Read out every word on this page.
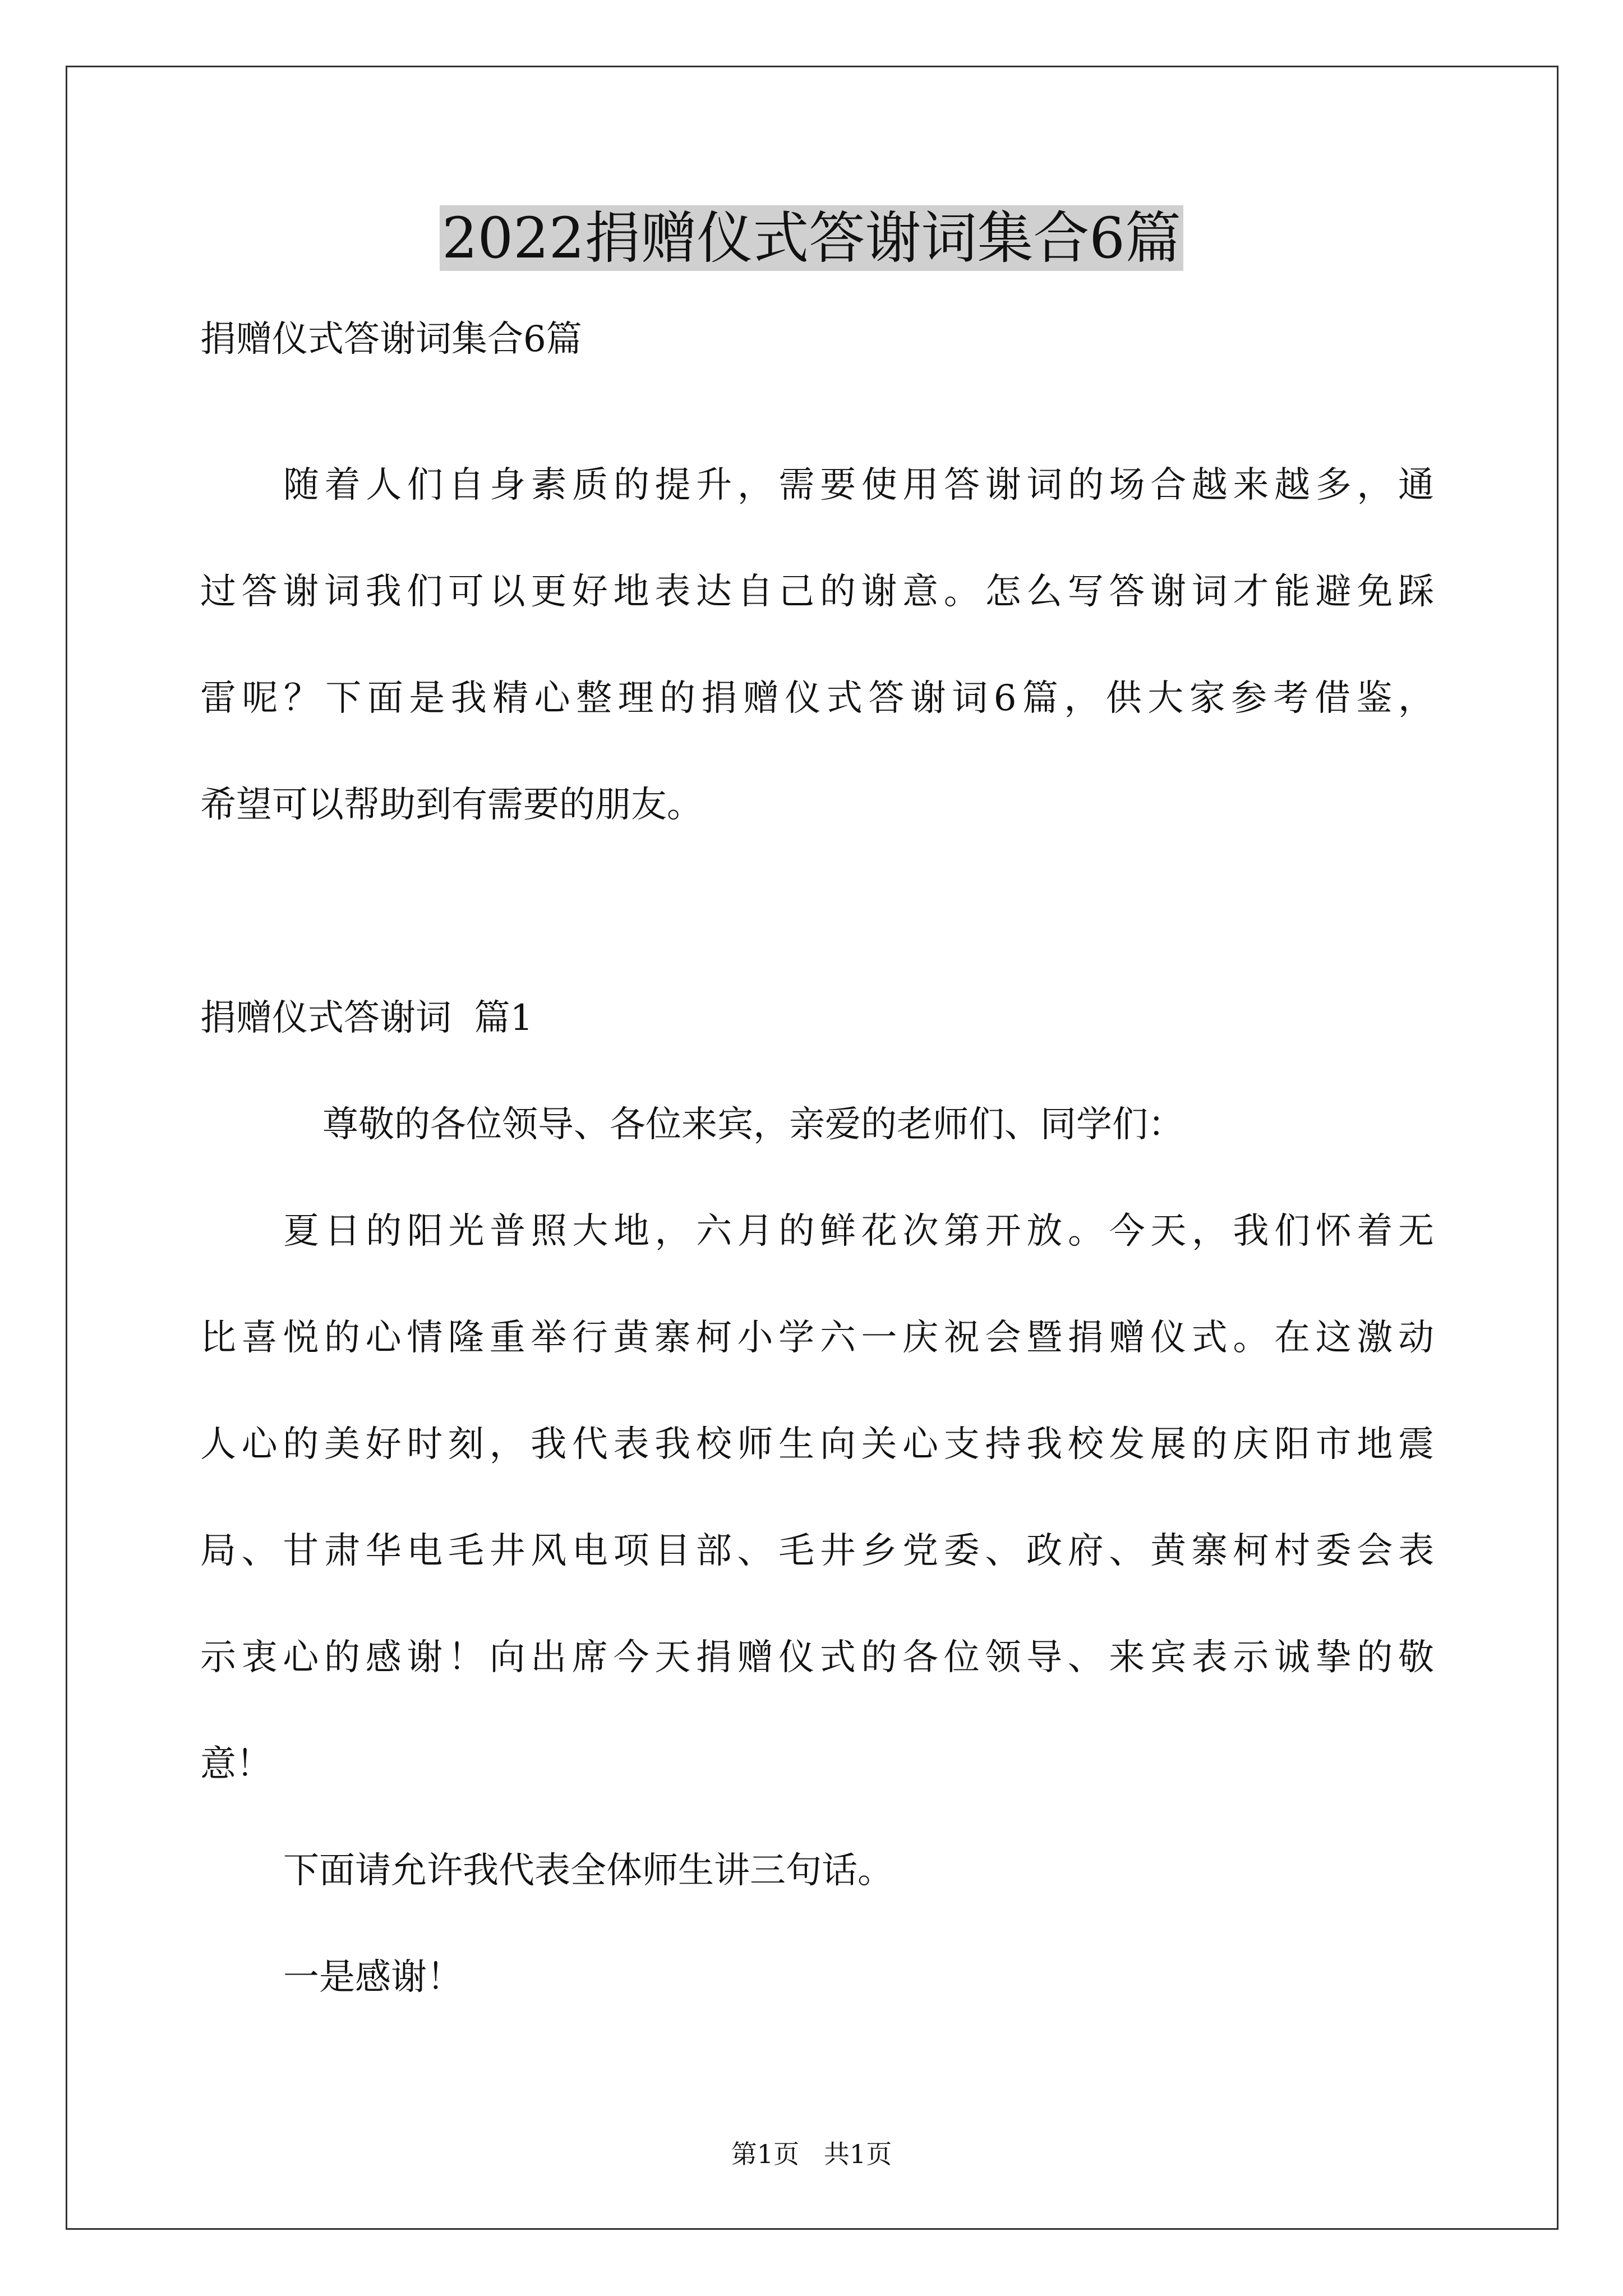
2022捐赠仪式答谢词集合6篇
捐赠仪式答谢词集合6篇
随着人们自身素质的提升，需要使用答谢词的场合越来越多，通
过答谢词我们可以更好地表达自己的谢意。怎么写答谢词才能避免踩
雷呢？下面是我精心整理的捐赠仪式答谢词6篇，供大家参考借鉴，
希望可以帮助到有需要的朋友。
捐赠仪式答谢词  篇1
尊敬的各位领导、各位来宾，亲爱的老师们、同学们：
夏日的阳光普照大地，六月的鲜花次第开放。今天，我们怀着无
比喜悦的心情隆重举行黄寨柯小学六一庆祝会暨捐赠仪式。在这激动
人心的美好时刻，我代表我校师生向关心支持我校发展的庆阳市地震
局、甘肃华电毛井风电项目部、毛井乡党委、政府、黄寨柯村委会表
示衷心的感谢！向出席今天捐赠仪式的各位领导、来宾表示诚挚的敬
意！
下面请允许我代表全体师生讲三句话。
一是感谢！
第1页   共1页
